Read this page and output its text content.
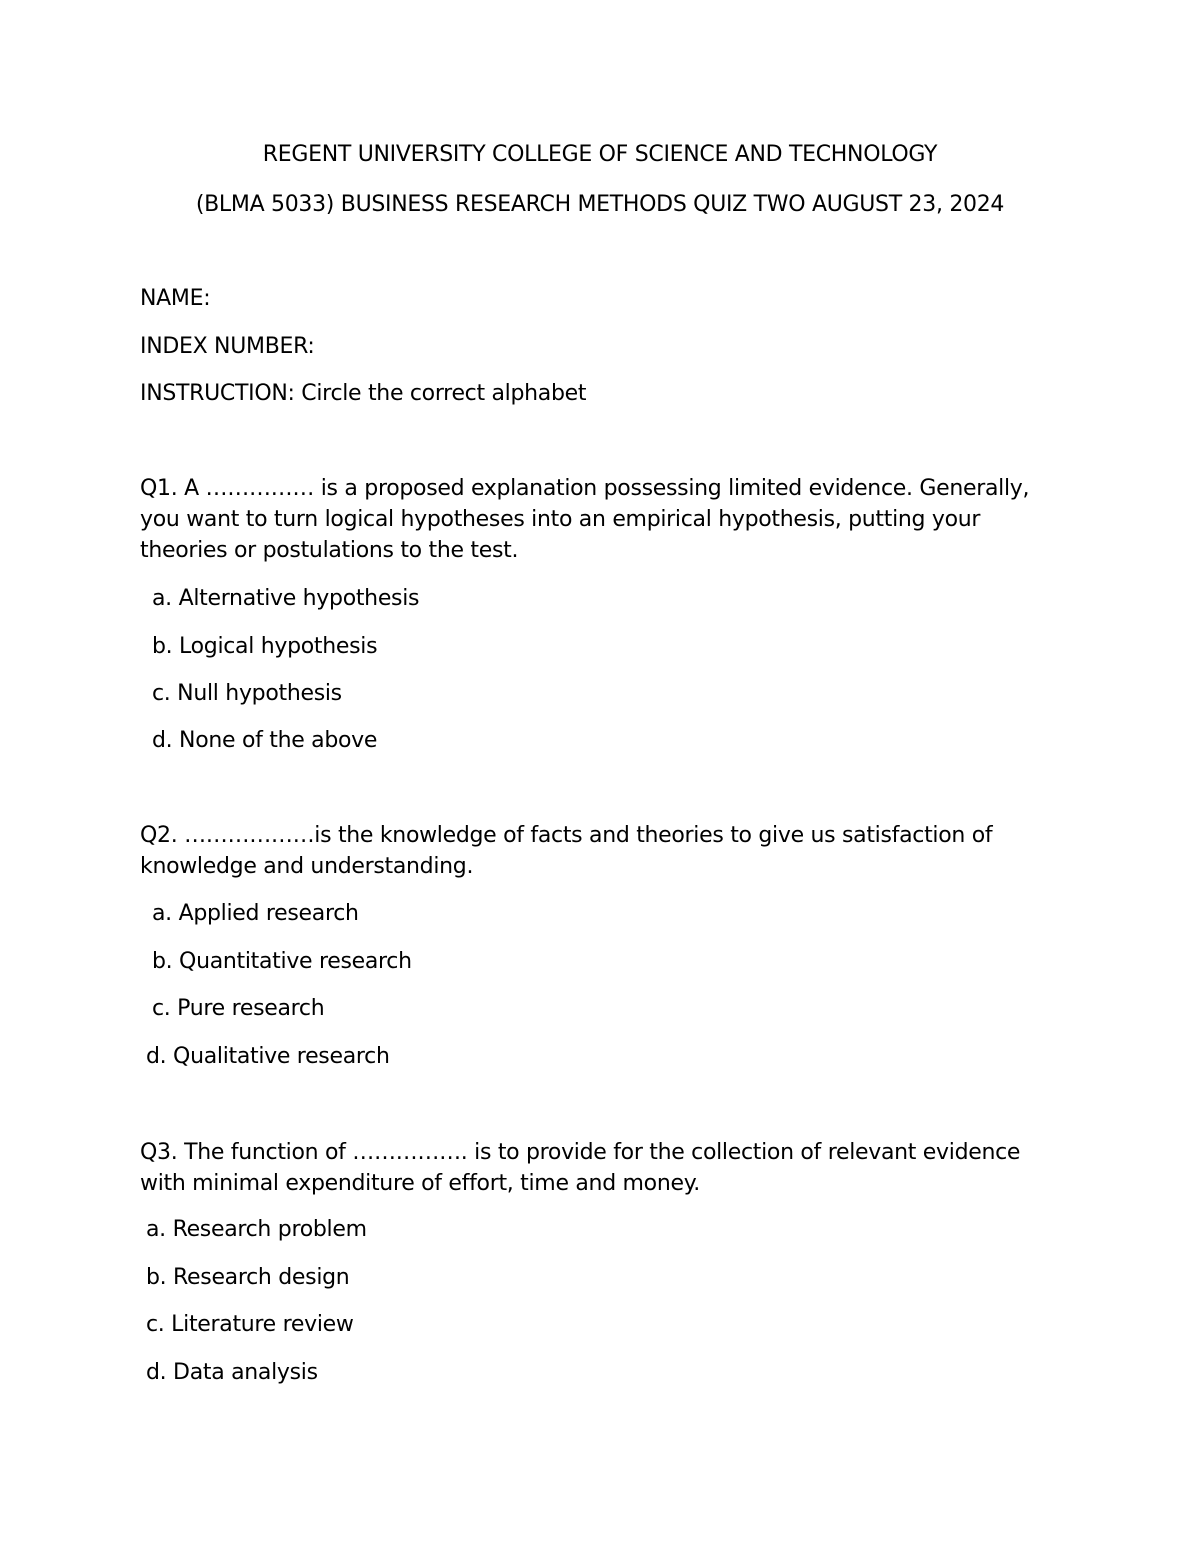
REGENT UNIVERSITY COLLEGE OF SCIENCE AND TECHNOLOGY
(BLMA 5033) BUSINESS RESEARCH METHODS QUIZ TWO AUGUST 23, 2024
NAME:
INDEX NUMBER:
INSTRUCTION: Circle the correct alphabet
Q1. A …………… is a proposed explanation possessing limited evidence. Generally, you want to turn logical hypotheses into an empirical hypothesis, putting your theories or postulations to the test.
a. Alternative hypothesis
b. Logical hypothesis
c. Null hypothesis
d. None of the above
Q2. ………………is the knowledge of facts and theories to give us satisfaction of knowledge and understanding.
a. Applied research
b. Quantitative research
c. Pure research
d. Qualitative research
Q3. The function of ……………. is to provide for the collection of relevant evidence with minimal expenditure of effort, time and money.
a. Research problem
b. Research design
c. Literature review
d. Data analysis
